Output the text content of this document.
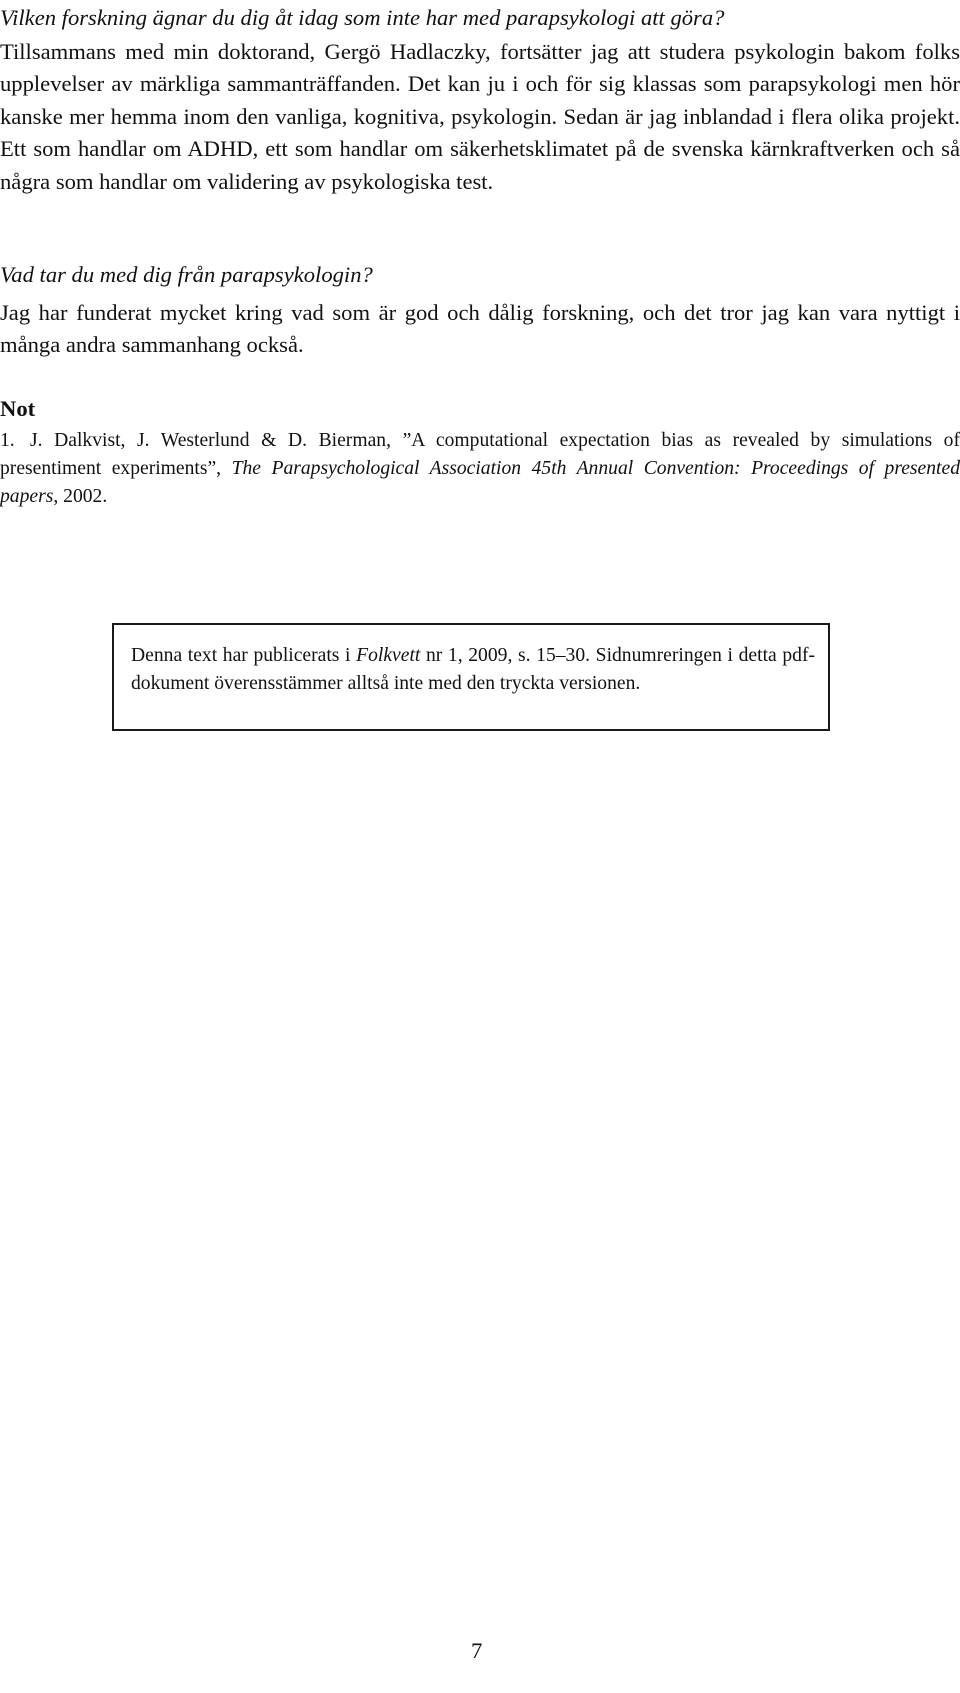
Vilken forskning ägnar du dig åt idag som inte har med parapsykologi att göra?
Tillsammans med min doktorand, Gergö Hadlaczky, fortsätter jag att studera psykologin bakom folks upplevelser av märkliga sammanträffanden. Det kan ju i och för sig klassas som parapsykologi men hör kanske mer hemma inom den vanliga, kognitiva, psykologin. Sedan är jag inblandad i flera olika projekt. Ett som handlar om ADHD, ett som handlar om säkerhetsklimatet på de svenska kärnkraftverken och så några som handlar om validering av psykologiska test.
Vad tar du med dig från parapsykologin?
Jag har funderat mycket kring vad som är god och dålig forskning, och det tror jag kan vara nyttigt i många andra sammanhang också.
Not
1. J. Dalkvist, J. Westerlund & D. Bierman, ”A computational expectation bias as revealed by simulations of presentiment experiments”, The Parapsychological Association 45th Annual Convention: Proceedings of presented papers, 2002.
Denna text har publicerats i Folkvett nr 1, 2009, s. 15–30. Sidnumreringen i detta pdf-dokument överensstämmer alltså inte med den tryckta versionen.
7
